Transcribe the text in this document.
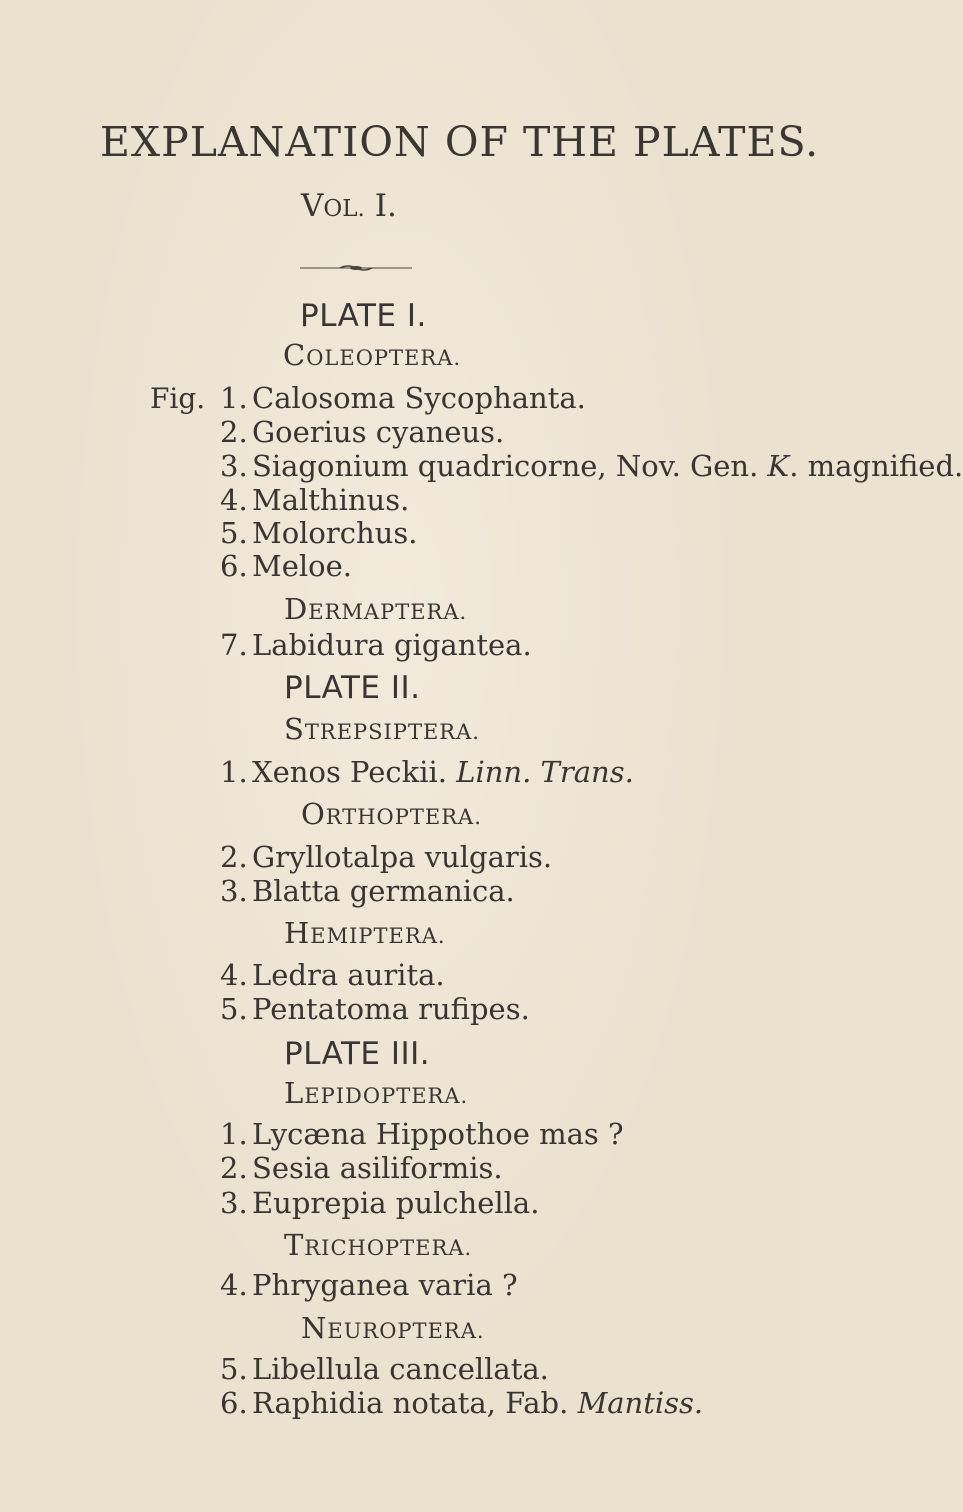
EXPLANATION OF THE PLATES.
VOL. I.
PLATE I.
COLEOPTERA.
Fig. 1. Calosoma Sycophanta.
2. Goerius cyaneus.
3. Siagonium quadricorne, Nov. Gen. K. magnified.
4. Malthinus.
5. Molorchus.
6. Meloe.
DERMAPTERA.
7. Labidura gigantea.
PLATE II.
STREPSIPTERA.
1. Xenos Peckii. Linn. Trans.
ORTHOPTERA.
2. Gryllotalpa vulgaris.
3. Blatta germanica.
HEMIPTERA.
4. Ledra aurita.
5. Pentatoma rufipes.
PLATE III.
LEPIDOPTERA.
1. Lycæna Hippothoe mas ?
2. Sesia asiliformis.
3. Euprepia pulchella.
TRICHOPTERA.
4. Phryganea varia ?
NEUROPTERA.
5. Libellula cancellata.
6. Raphidia notata, Fab. Mantiss.
